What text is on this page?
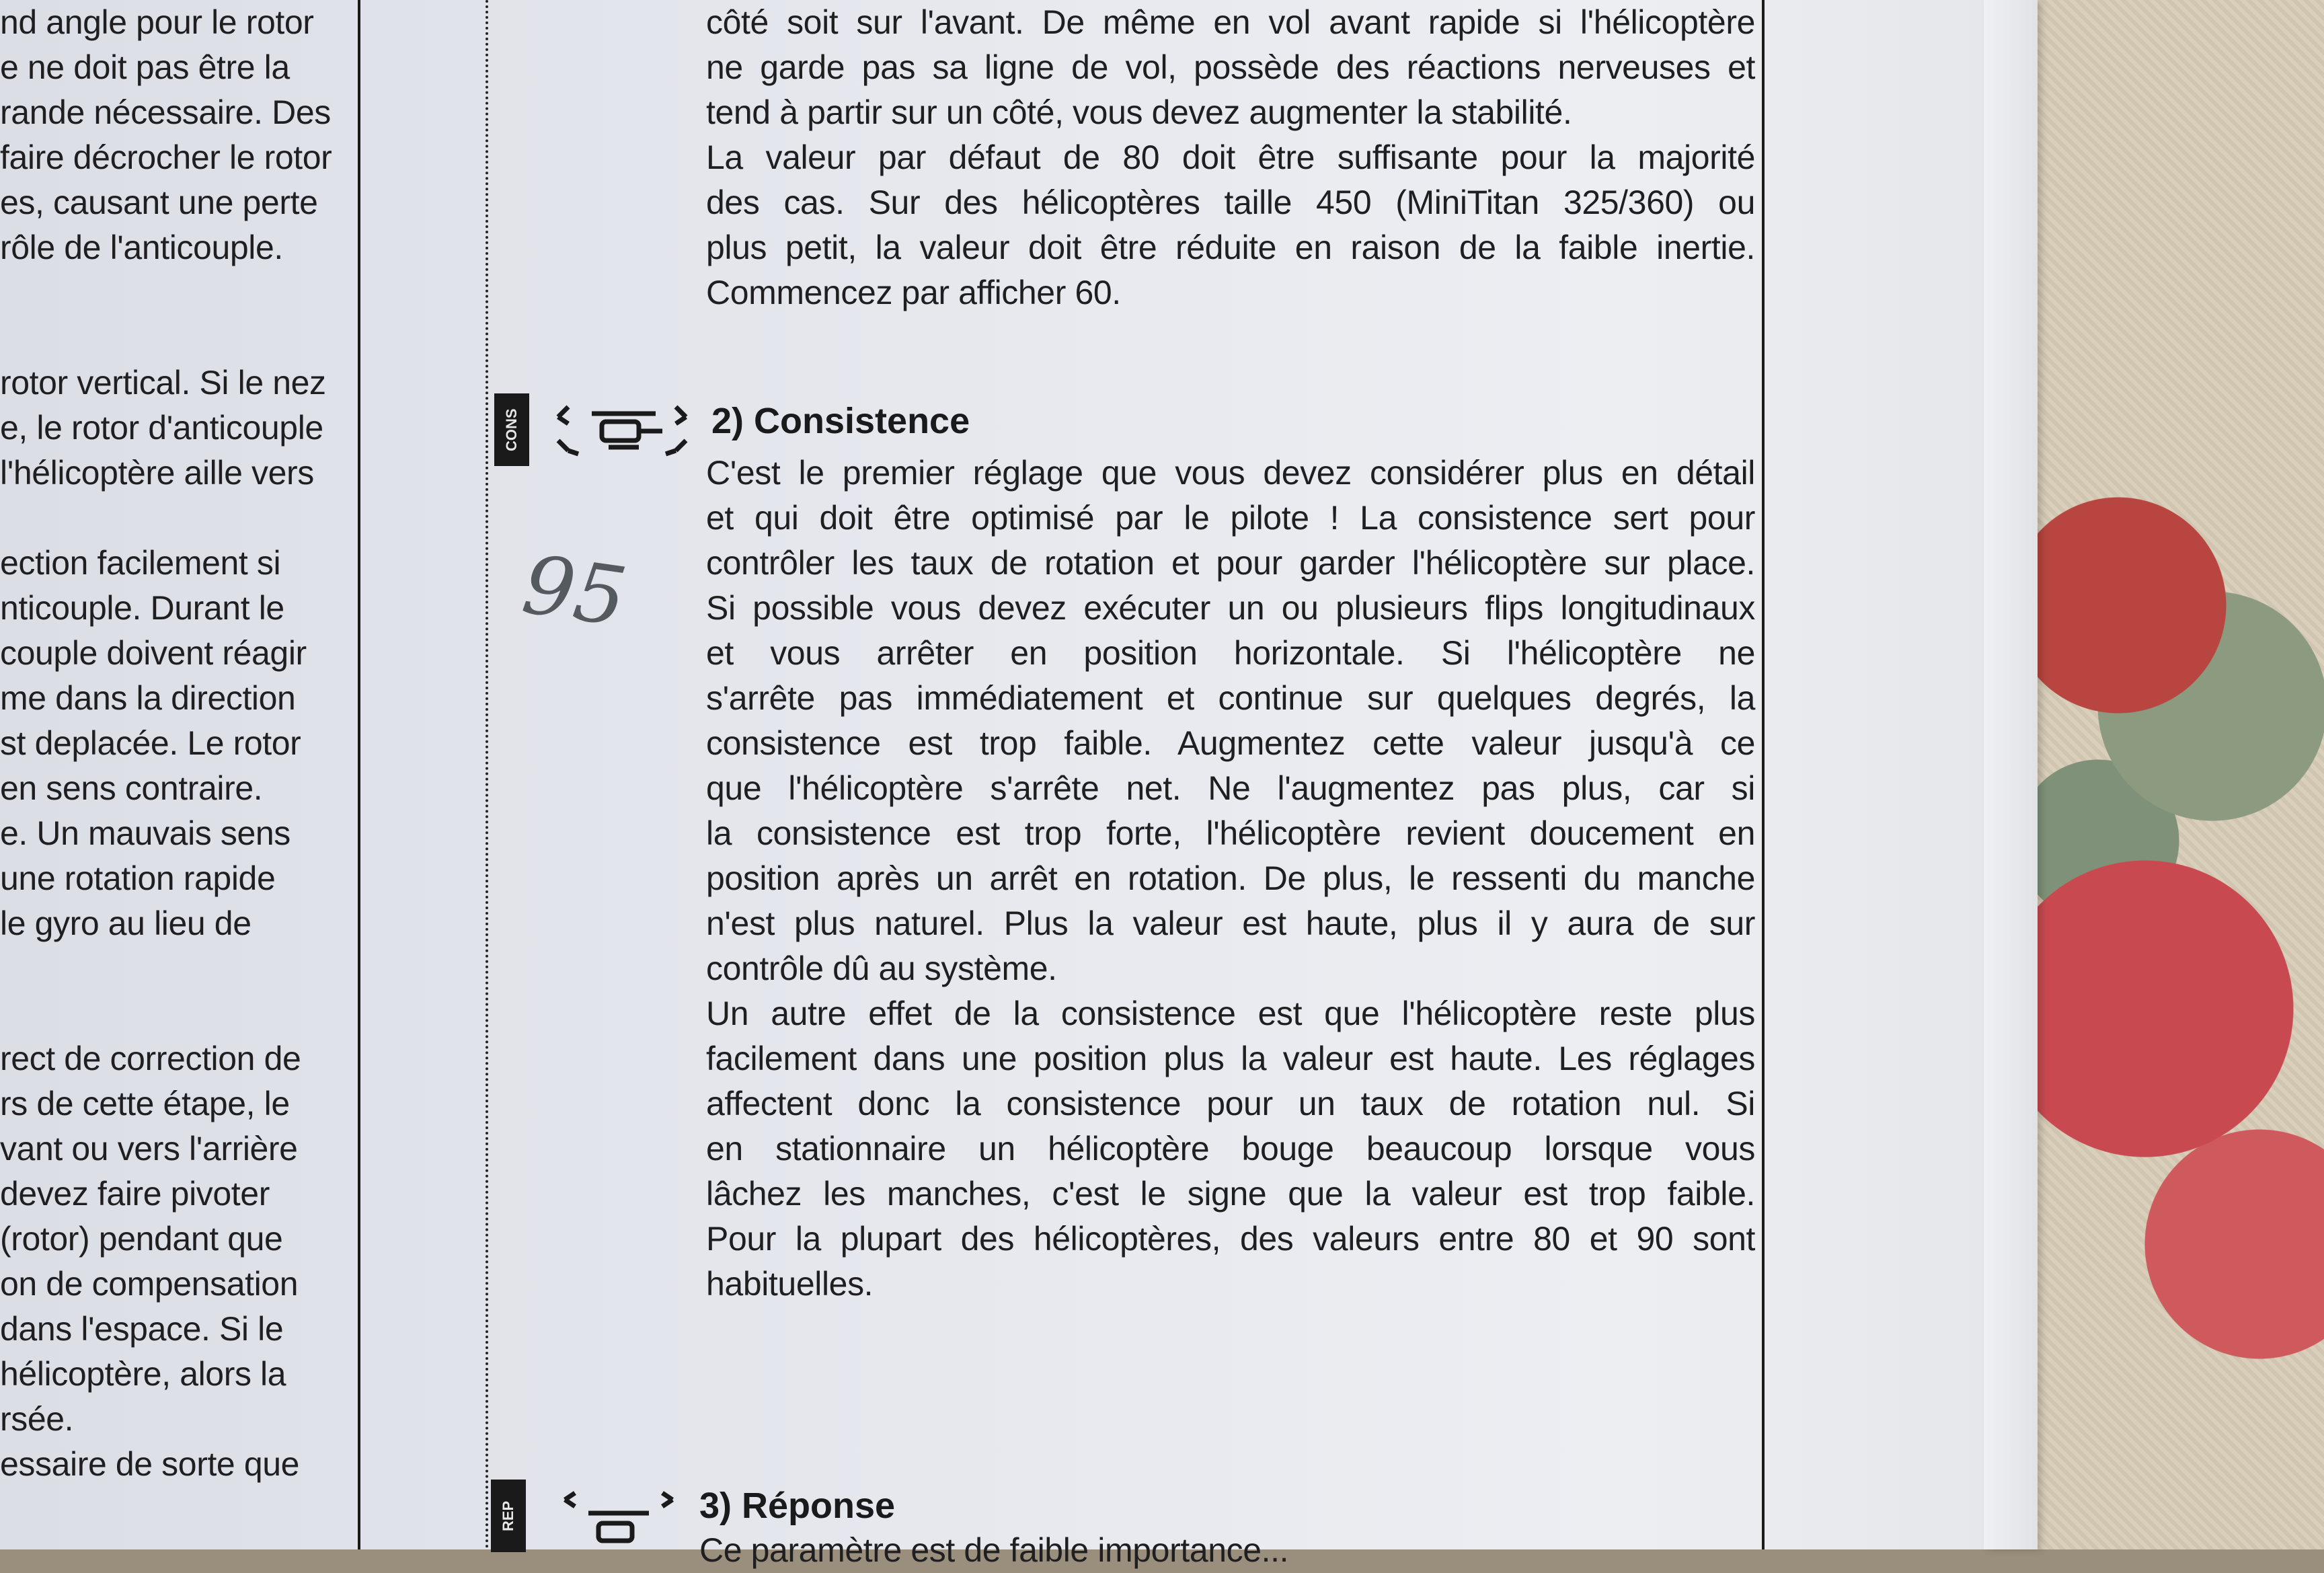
nd angle pour le rotor
e ne doit pas être la
rande nécessaire. Des
faire décrocher le rotor
es, causant une perte
rôle de l'anticouple.
rotor vertical. Si le nez
e, le rotor d'anticouple
l'hélicoptère aille vers
ection facilement si
nticouple. Durant le
couple doivent réagir
me dans la direction
st deplacée. Le rotor
en sens contraire.
e. Un mauvais sens
une rotation rapide
le gyro au lieu de
rect de correction de
rs de cette étape, le
vant ou vers l'arrière
devez faire pivoter
(rotor) pendant que
on de compensation
dans l'espace. Si le
hélicoptère, alors la
rsée.
essaire de sorte que
côté soit sur l'avant. De même en vol avant rapide si l'hélicoptère
ne garde pas sa ligne de vol, possède des réactions nerveuses et
tend à partir sur un côté, vous devez augmenter la stabilité.
La valeur par défaut de 80 doit être suffisante pour la majorité
des cas. Sur des hélicoptères taille 450 (MiniTitan 325/360) ou
plus petit, la valeur doit être réduite en raison de la faible inertie.
Commencez par afficher 60.
CONS	2) Consistence
95
C'est le premier réglage que vous devez considérer plus en détail
et qui doit être optimisé par le pilote ! La consistence sert pour
contrôler les taux de rotation et pour garder l'hélicoptère sur place.
Si possible vous devez exécuter un ou plusieurs flips longitudinaux
et vous arrêter en position horizontale. Si l'hélicoptère ne
s'arrête pas immédiatement et continue sur quelques degrés, la
consistence est trop faible. Augmentez cette valeur jusqu'à ce
que l'hélicoptère s'arrête net. Ne l'augmentez pas plus, car si
la consistence est trop forte, l'hélicoptère revient doucement en
position après un arrêt en rotation. De plus, le ressenti du manche
n'est plus naturel. Plus la valeur est haute, plus il y aura de sur
contrôle dû au système.
Un autre effet de la consistence est que l'hélicoptère reste plus
facilement dans une position plus la valeur est haute. Les réglages
affectent donc la consistence pour un taux de rotation nul. Si
en stationnaire un hélicoptère bouge beaucoup lorsque vous
lâchez les manches, c'est le signe que la valeur est trop faible.
Pour la plupart des hélicoptères, des valeurs entre 80 et 90 sont
habituelles.
REP	3) Réponse
Ce paramètre est de faible importance...
